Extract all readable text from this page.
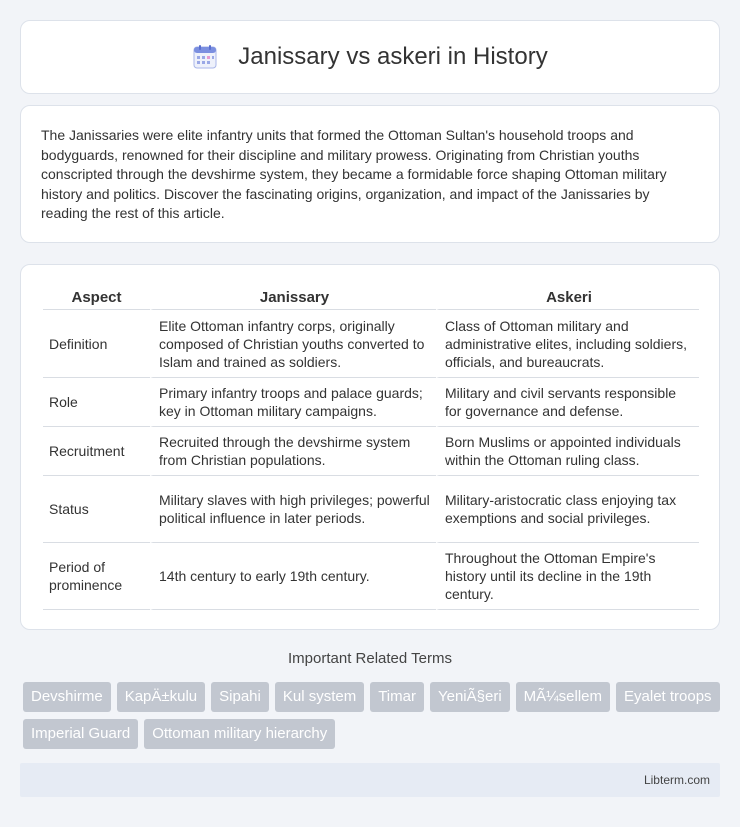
Janissary vs askeri in History

The Janissaries were elite infantry units that formed the Ottoman Sultan's household troops and bodyguards, renowned for their discipline and military prowess. Originating from Christian youths conscripted through the devshirme system, they became a formidable force shaping Ottoman military history and politics. Discover the fascinating origins, organization, and impact of the Janissaries by reading the rest of this article.

Aspect	Janissary	Askeri
Definition	Elite Ottoman infantry corps, originally composed of Christian youths converted to Islam and trained as soldiers.	Class of Ottoman military and administrative elites, including soldiers, officials, and bureaucrats.
Role	Primary infantry troops and palace guards; key in Ottoman military campaigns.	Military and civil servants responsible for governance and defense.
Recruitment	Recruited through the devshirme system from Christian populations.	Born Muslims or appointed individuals within the Ottoman ruling class.
Status	Military slaves with high privileges; powerful political influence in later periods.	Military-aristocratic class enjoying tax exemptions and social privileges.
Period of prominence	14th century to early 19th century.	Throughout the Ottoman Empire's history until its decline in the 19th century.
Important Related Terms
Devshirme	KapÄ±kulu	Sipahi	Kul system	Timar	YeniÃ§eri	MÃ¼sellem	Eyalet troops
Imperial Guard	Ottoman military hierarchy
Libterm.com
